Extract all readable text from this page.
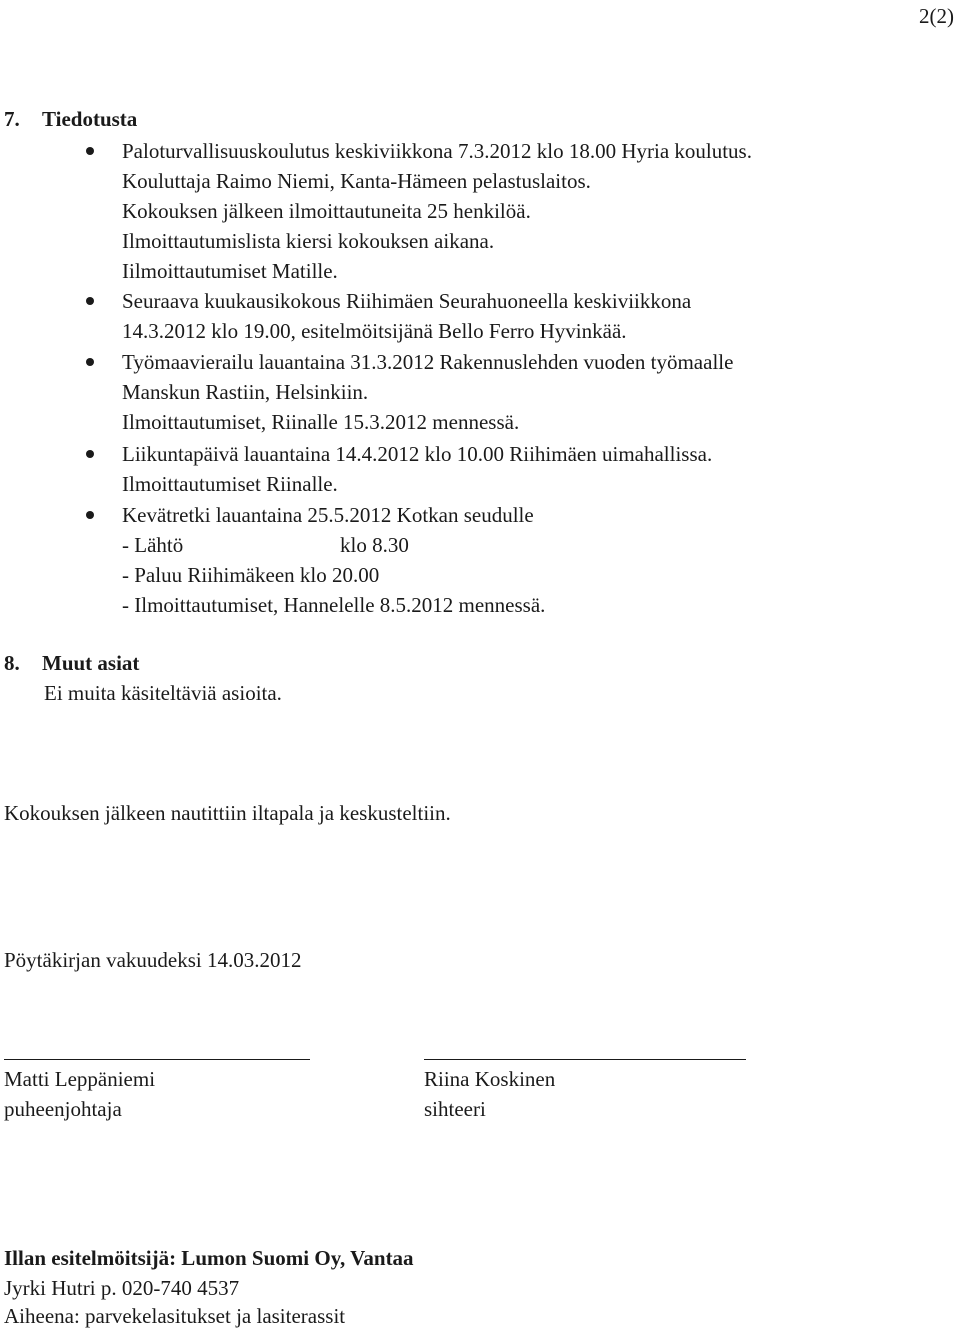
2(2)
7. Tiedotusta
Paloturvallisuuskoulutus keskiviikkona 7.3.2012 klo 18.00 Hyria koulutus.
Kouluttaja Raimo Niemi, Kanta-Hämeen pelastuslaitos.
Kokouksen jälkeen ilmoittautuneita 25 henkilöä.
Ilmoittautumislista kiersi kokouksen aikana.
Iilmoittautumiset Matille.
Seuraava kuukausikokous Riihimäen Seurahuoneella keskiviikkona
14.3.2012 klo 19.00, esitelmöitsijänä Bello Ferro Hyvinkää.
Työmaavierailu lauantaina 31.3.2012 Rakennuslehden vuoden työmaalle
Manskun Rastiin, Helsinkiin.
Ilmoittautumiset, Riinalle 15.3.2012 mennessä.
Liikuntapäivä lauantaina 14.4.2012 klo 10.00 Riihimäen uimahallissa.
Ilmoittautumiset Riinalle.
Kevätretki lauantaina 25.5.2012 Kotkan seudulle
- Lähtö	klo 8.30
- Paluu Riihimäkeen klo 20.00
- Ilmoittautumiset, Hannelelle 8.5.2012 mennessä.
8. Muut asiat
Ei muita käsiteltäviä asioita.
Kokouksen jälkeen nautittiin iltapala ja keskusteltiin.
Pöytäkirjan vakuudeksi 14.03.2012
Matti Leppäniemi
puheenjohtaja
Riina Koskinen
sihteeri
Illan esitelmöitsijä: Lumon Suomi Oy, Vantaa
Jyrki Hutri p. 020-740 4537
Aiheena: parvekelasitukset ja lasiterassit
